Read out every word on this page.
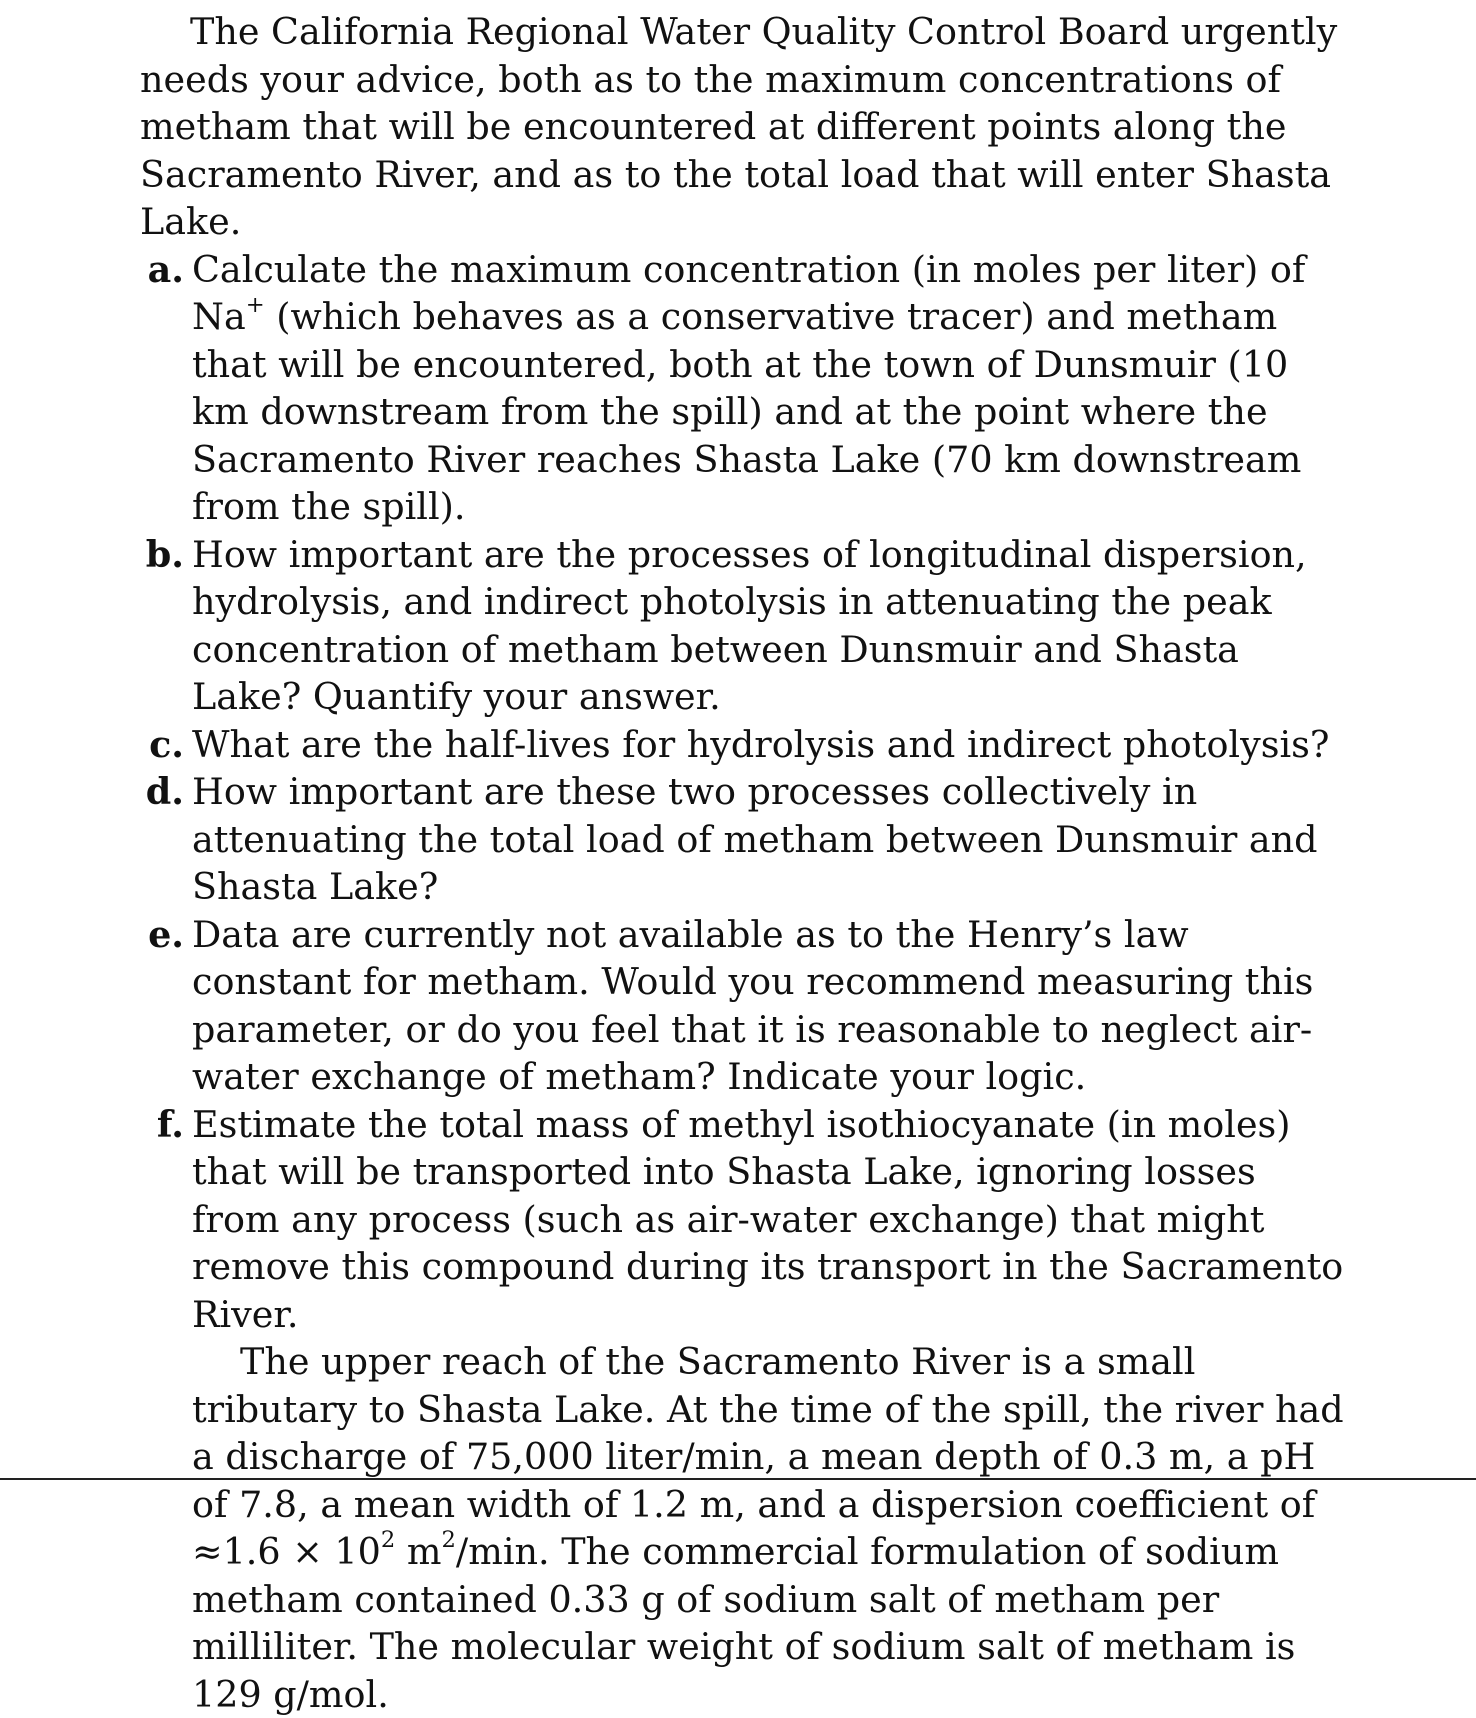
The California Regional Water Quality Control Board urgently needs your advice, both as to the maximum concentrations of metham that will be encountered at different points along the Sacramento River, and as to the total load that will enter Shasta Lake.

a. Calculate the maximum concentration (in moles per liter) of Na+ (which behaves as a conservative tracer) and metham that will be encountered, both at the town of Dunsmuir (10 km downstream from the spill) and at the point where the Sacramento River reaches Shasta Lake (70 km downstream from the spill).

b. How important are the processes of longitudinal dispersion, hydrolysis, and indirect photolysis in attenuating the peak concentration of metham between Dunsmuir and Shasta Lake? Quantify your answer.

c. What are the half-lives for hydrolysis and indirect photolysis?

d. How important are these two processes collectively in attenuating the total load of metham between Dunsmuir and Shasta Lake?

e. Data are currently not available as to the Henry’s law constant for metham. Would you recommend measuring this parameter, or do you feel that it is reasonable to neglect air-water exchange of metham? Indicate your logic.

f. Estimate the total mass of methyl isothiocyanate (in moles) that will be transported into Shasta Lake, ignoring losses from any process (such as air-water exchange) that might remove this compound during its transport in the Sacramento River.

The upper reach of the Sacramento River is a small tributary to Shasta Lake. At the time of the spill, the river had a discharge of 75,000 liter/min, a mean depth of 0.3 m, a pH of 7.8, a mean width of 1.2 m, and a dispersion coefficient of $\approx 1.6 \times 10^2$ $m^2/\min$. The commercial formulation of sodium metham contained 0.33 g of sodium salt of metham per milliliter. The molecular weight of sodium salt of metham is 129 g/mol.
